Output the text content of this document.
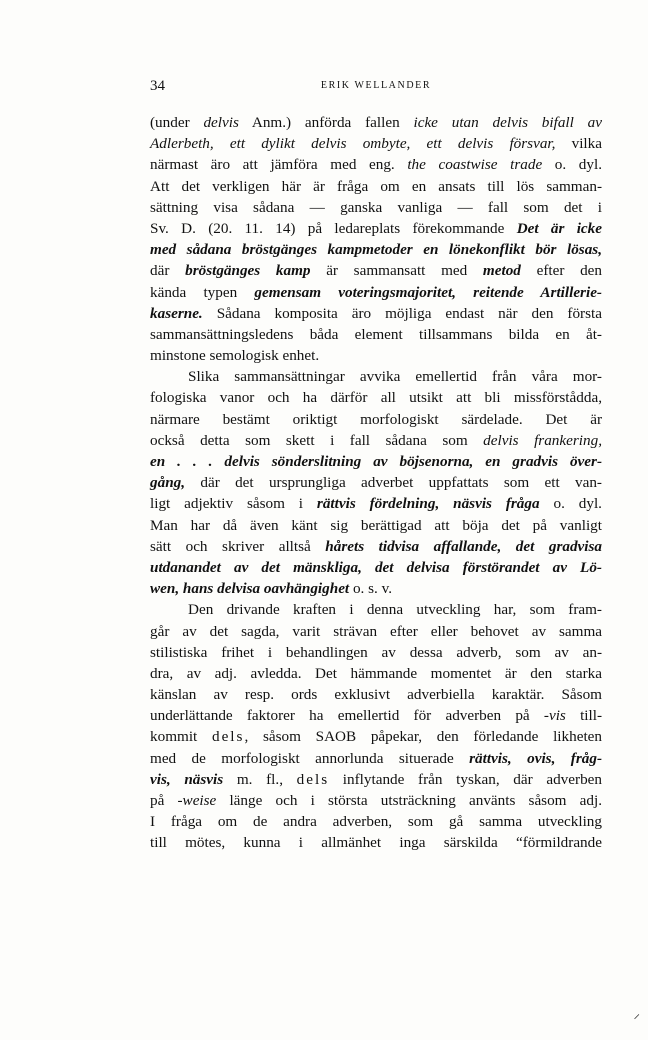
34	ERIK WELLANDER
(under delvis Anm.) anförda fallen icke utan delvis bifall av
Adlerbeth, ett dylikt delvis ombyte, ett delvis försvar, vilka
närmast äro att jämföra med eng. the coastwise trade o. dyl.
Att det verkligen här är fråga om en ansats till lös samman-
sättning visa sådana — ganska vanliga — fall som det i
Sv. D. (20. 11. 14) på ledareplats förekommande Det är icke
med sådana bröstgänges kampmetoder en lönekonflikt bör lösas,
där bröstgänges kamp är sammansatt med metod efter den
kända typen gemensam voteringsmajoritet, reitende Artillerie-
kaserne. Sådana komposita äro möjliga endast när den första
sammansättningsledens båda element tillsammans bilda en åt-
minstone semologisk enhet.
Slika sammansättningar avvika emellertid från våra mor-
fologiska vanor och ha därför all utsikt att bli missförstådda,
närmare bestämt oriktigt morfologiskt särdelade. Det är
också detta som skett i fall sådana som delvis frankering,
en . . . delvis sönderslitning av böjsenorna, en gradvis över-
gång, där det ursprungliga adverbet uppfattats som ett van-
ligt adjektiv såsom i rättvis fördelning, näsvis fråga o. dyl.
Man har då även känt sig berättigad att böja det på vanligt
sätt och skriver alltså hårets tidvisa affallande, det gradvisa
utdanandet av det mänskliga, det delvisa förstörandet av Lö-
wen, hans delvisa oavhängighet o. s. v.
Den drivande kraften i denna utveckling har, som fram-
går av det sagda, varit strävan efter eller behovet av samma
stilistiska frihet i behandlingen av dessa adverb, som av an-
dra, av adj. avledda. Det hämmande momentet är den starka
känslan av resp. ords exklusivt adverbiella karaktär. Såsom
underlättande faktorer ha emellertid för adverben på -vis till-
kommit dels, såsom SAOB påpekar, den förledande likheten
med de morfologiskt annorlunda situerade rättvis, ovis, fråg-
vis, näsvis m. fl., dels inflytande från tyskan, där adverben
på -weise länge och i största utsträckning använts såsom adj.
I fråga om de andra adverben, som gå samma utveckling
till mötes, kunna i allmänhet inga särskilda “förmildrande
⸝
